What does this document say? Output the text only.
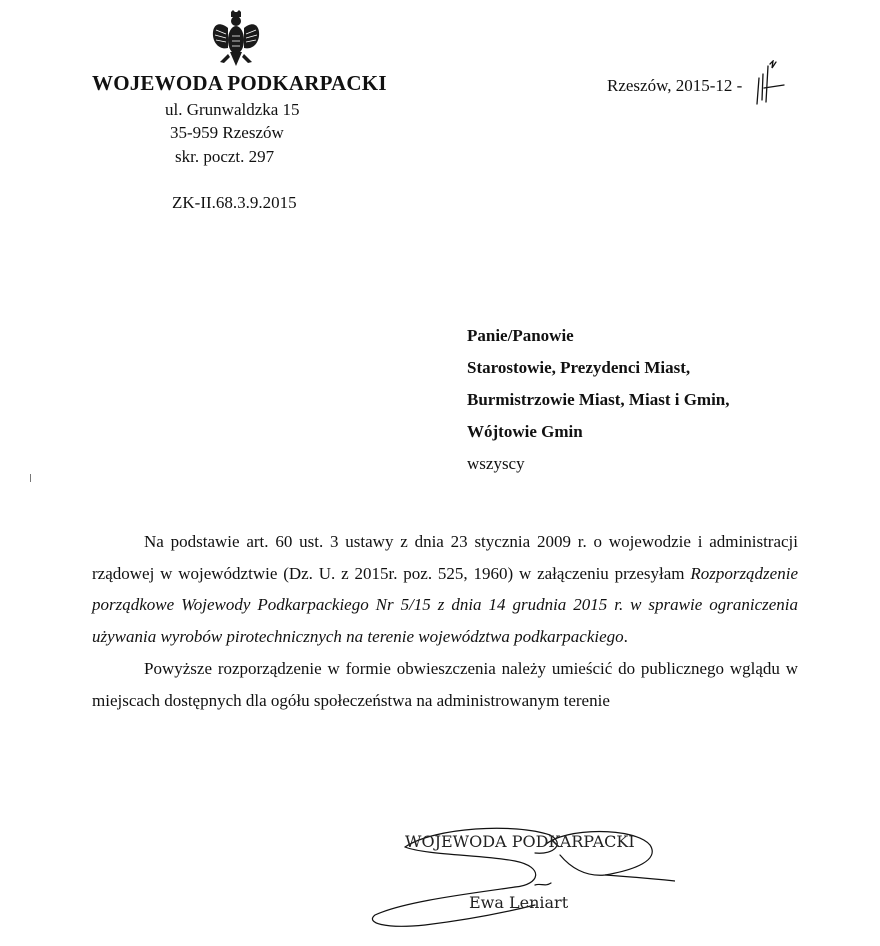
WOJEWODA PODKARPACKI
ul. Grunwaldzka 15
35-959 Rzeszów
skr. poczt. 297
ZK-II.68.3.9.2015
Rzeszów, 2015-12 -
Panie/Panowie
Starostowie, Prezydenci Miast,
Burmistrzowie Miast, Miast i Gmin,
Wójtowie Gmin
wszyscy

Na podstawie art. 60 ust. 3 ustawy z dnia 23 stycznia 2009 r. o wojewodzie i administracji rządowej w województwie (Dz. U. z 2015r. poz. 525, 1960) w załączeniu przesyłam Rozporządzenie porządkowe Wojewody Podkarpackiego Nr 5/15 z dnia 14 grudnia 2015 r. w sprawie ograniczenia używania wyrobów pirotechnicznych na terenie województwa podkarpackiego.

Powyższe rozporządzenie w formie obwieszczenia należy umieścić do publicznego wglądu w miejscach dostępnych dla ogółu społeczeństwa na administrowanym terenie

WOJEWODA PODKARPACKI
Ewa Leniart
